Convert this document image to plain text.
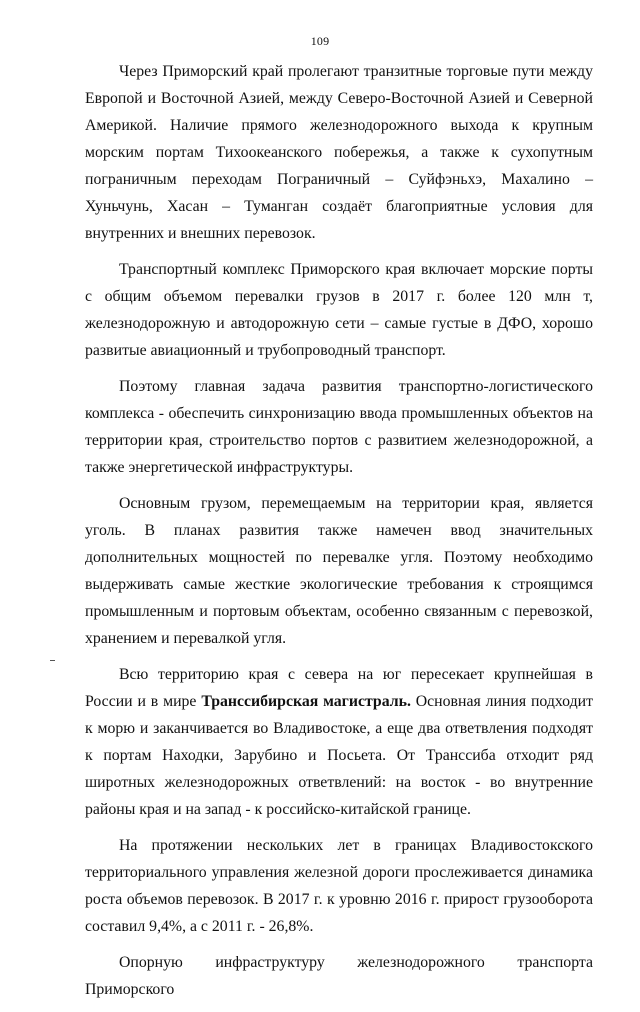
109

Через Приморский край пролегают транзитные торговые пути между Европой и Восточной Азией, между Северо-Восточной Азией и Северной Америкой. Наличие прямого железнодорожного выхода к крупным морским портам Тихоокеанского побережья, а также к сухопутным пограничным переходам Пограничный – Суйфэньхэ, Махалино – Хуньчунь, Хасан – Туманган создаёт благоприятные условия для внутренних и внешних перевозок.

Транспортный комплекс Приморского края включает морские порты с общим объемом перевалки грузов в 2017 г. более 120 млн т, железнодорожную и автодорожную сети – самые густые в ДФО, хорошо развитые авиационный и трубопроводный транспорт.

Поэтому главная задача развития транспортно-логистического комплекса - обеспечить синхронизацию ввода промышленных объектов на территории края, строительство портов с развитием железнодорожной, а также энергетической инфраструктуры.

Основным грузом, перемещаемым на территории края, является уголь. В планах развития также намечен ввод значительных дополнительных мощностей по перевалке угля. Поэтому необходимо выдерживать самые жесткие экологические требования к строящимся промышленным и портовым объектам, особенно связанным с перевозкой, хранением и перевалкой угля.

Всю территорию края с севера на юг пересекает крупнейшая в России и в мире Транссибирская магистраль. Основная линия подходит к морю и заканчивается во Владивостоке, а еще два ответвления подходят к портам Находки, Зарубино и Посьета. От Транссиба отходит ряд широтных железнодорожных ответвлений: на восток - во внутренние районы края и на запад - к российско-китайской границе.

На протяжении нескольких лет в границах Владивостокского территориального управления железной дороги прослеживается динамика роста объемов перевозок. В 2017 г. к уровню 2016 г. прирост грузооборота составил 9,4%, а с 2011 г. - 26,8%.

Опорную инфраструктуру железнодорожного транспорта Приморского
